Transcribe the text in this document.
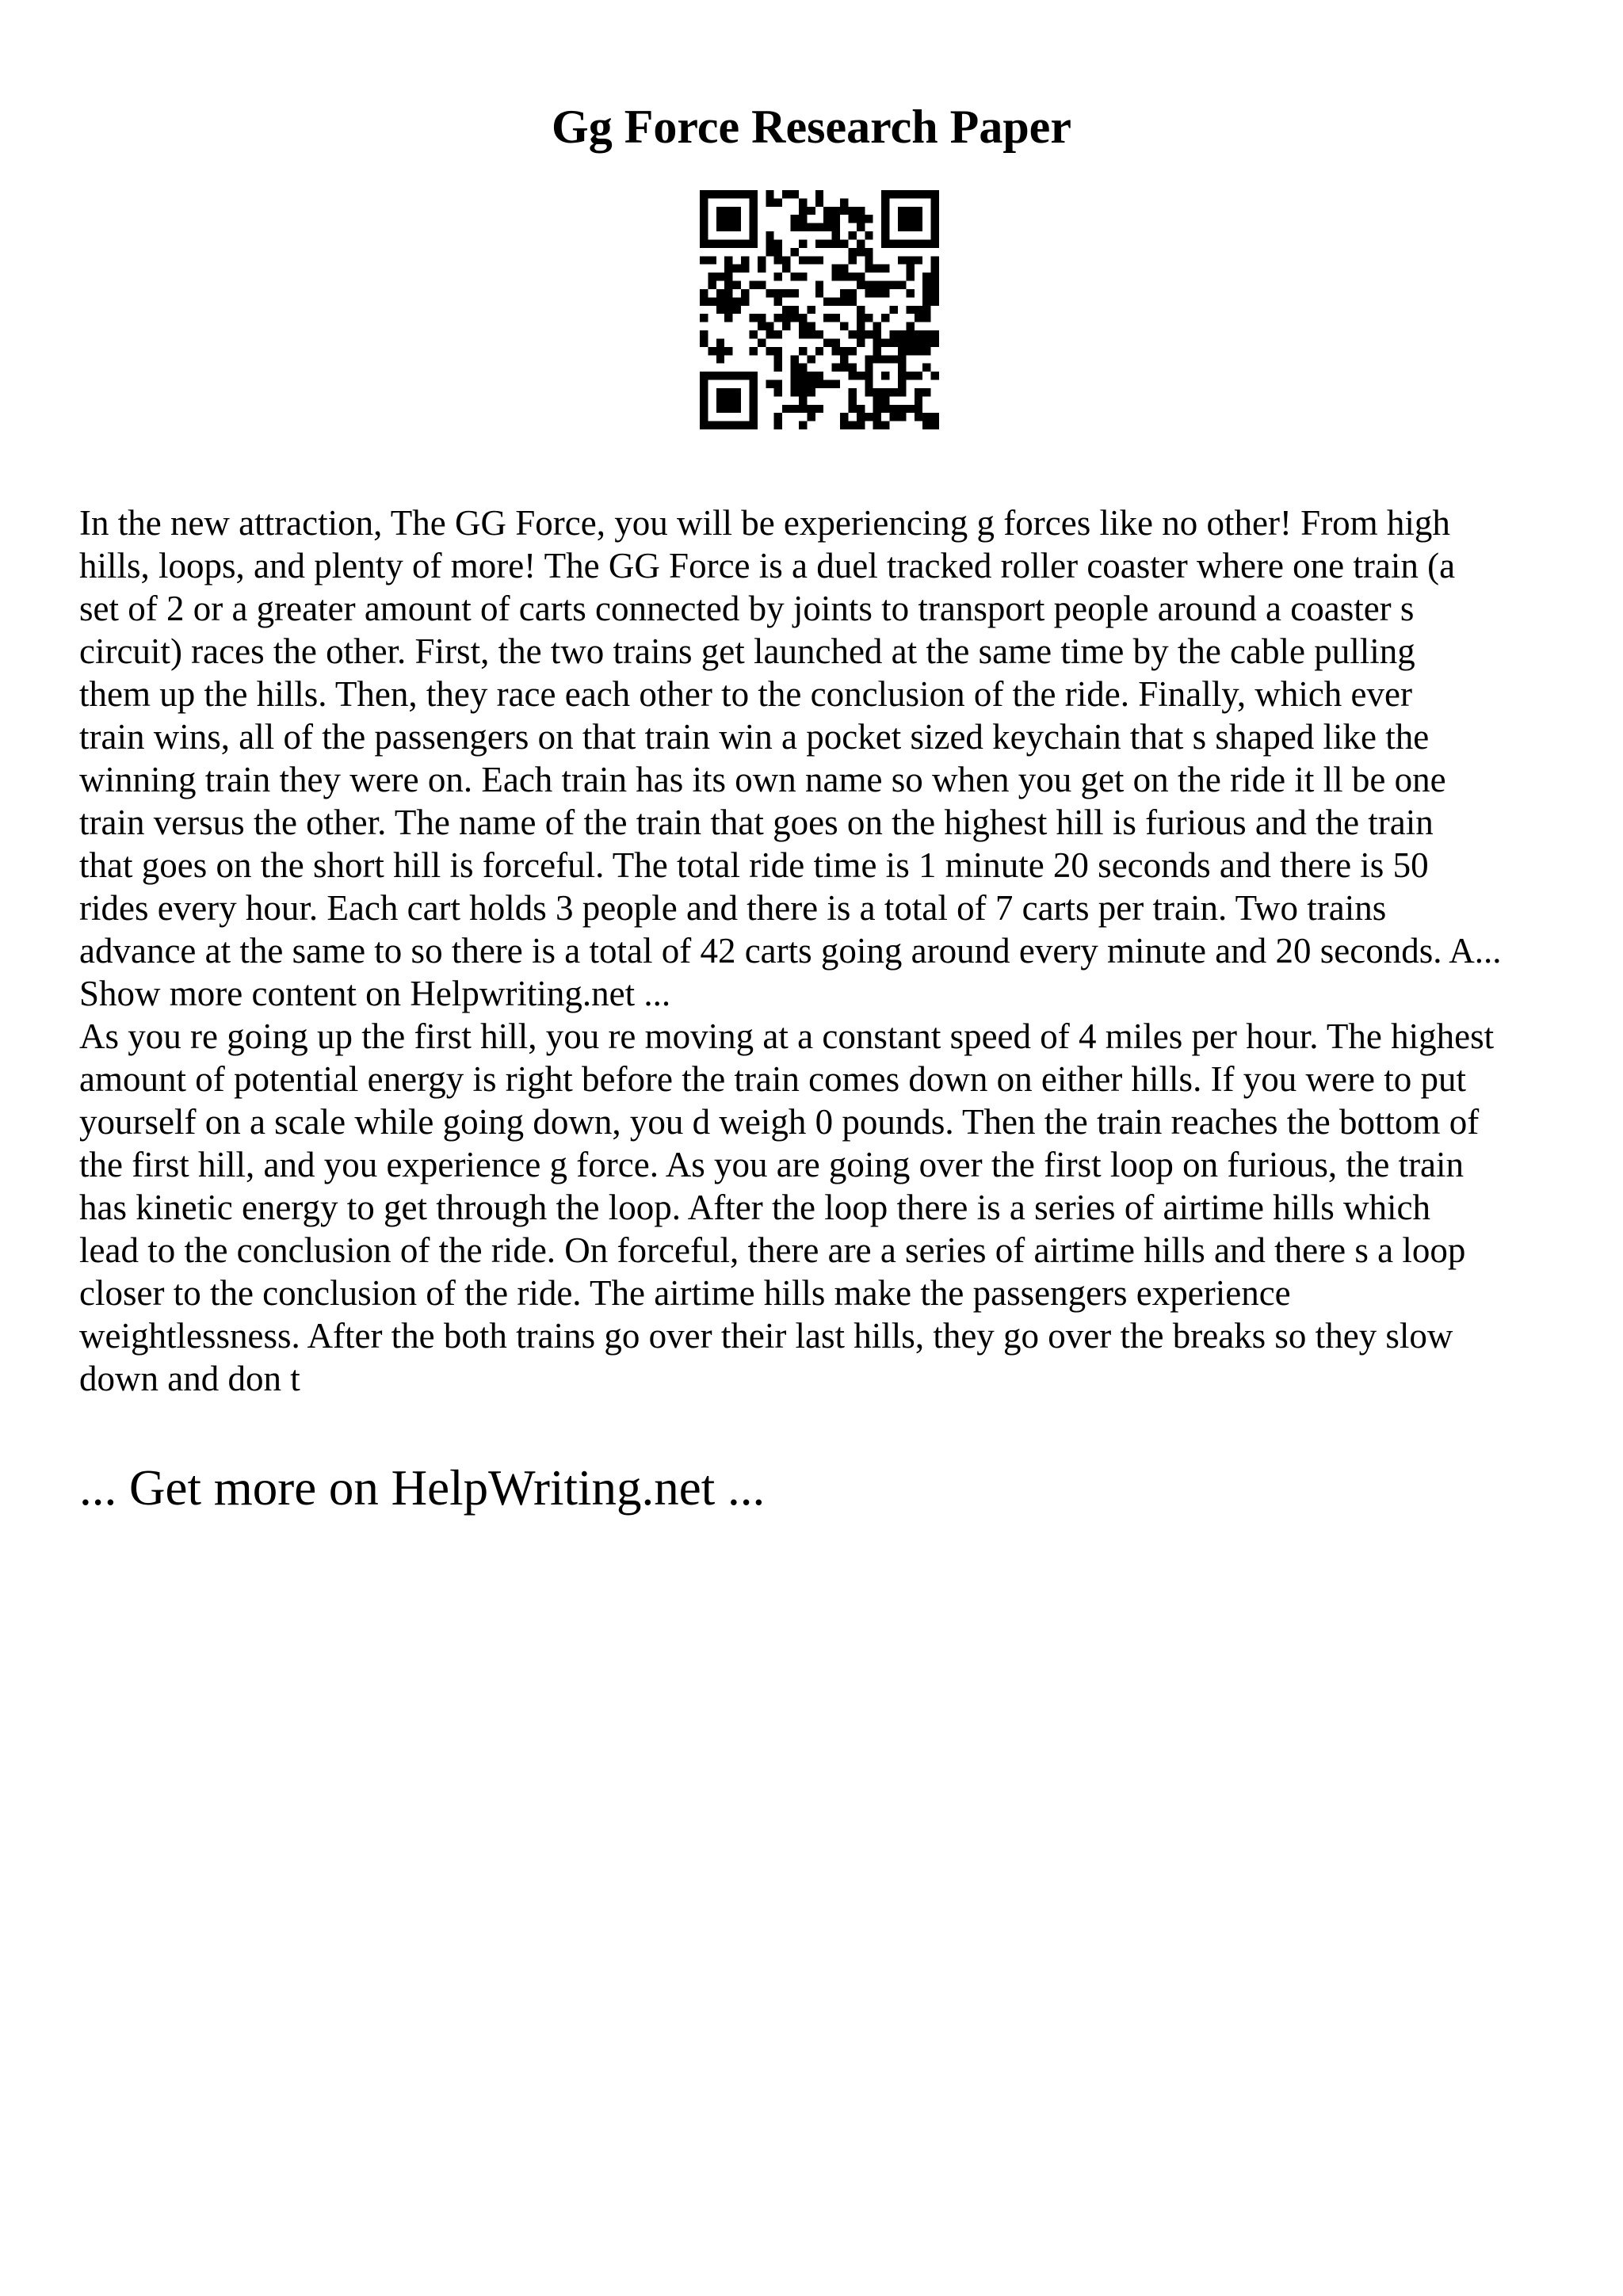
Gg Force Research Paper
In the new attraction, The GG Force, you will be experiencing g forces like no other! From high
hills, loops, and plenty of more! The GG Force is a duel tracked roller coaster where one train (a
set of 2 or a greater amount of carts connected by joints to transport people around a coaster s
circuit) races the other. First, the two trains get launched at the same time by the cable pulling
them up the hills. Then, they race each other to the conclusion of the ride. Finally, which ever
train wins, all of the passengers on that train win a pocket sized keychain that s shaped like the
winning train they were on. Each train has its own name so when you get on the ride it ll be one
train versus the other. The name of the train that goes on the highest hill is furious and the train
that goes on the short hill is forceful. The total ride time is 1 minute 20 seconds and there is 50
rides every hour. Each cart holds 3 people and there is a total of 7 carts per train. Two trains
advance at the same to so there is a total of 42 carts going around every minute and 20 seconds. A...
Show more content on Helpwriting.net ...
As you re going up the first hill, you re moving at a constant speed of 4 miles per hour. The highest
amount of potential energy is right before the train comes down on either hills. If you were to put
yourself on a scale while going down, you d weigh 0 pounds. Then the train reaches the bottom of
the first hill, and you experience g force. As you are going over the first loop on furious, the train
has kinetic energy to get through the loop. After the loop there is a series of airtime hills which
lead to the conclusion of the ride. On forceful, there are a series of airtime hills and there s a loop
closer to the conclusion of the ride. The airtime hills make the passengers experience
weightlessness. After the both trains go over their last hills, they go over the breaks so they slow
down and don t
... Get more on HelpWriting.net ...
